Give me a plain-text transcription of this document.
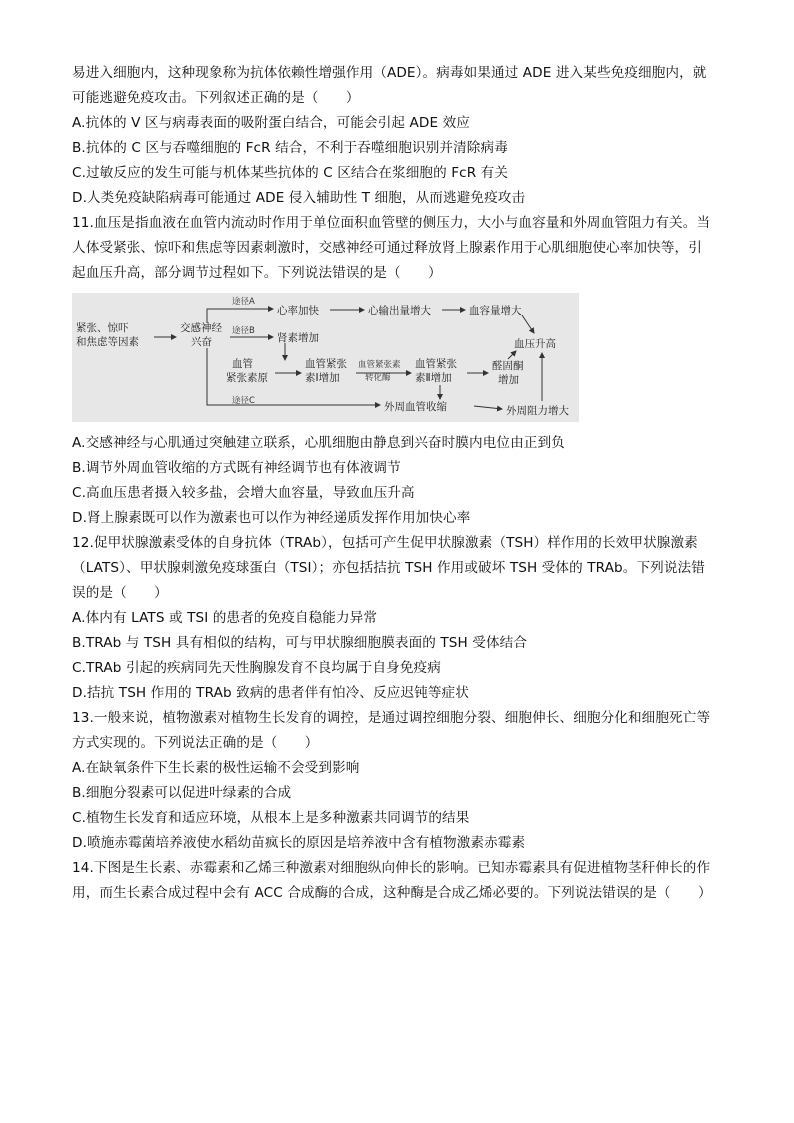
易进入细胞内，这种现象称为抗体依赖性增强作用（ADE）。病毒如果通过 ADE 进入某些免疫细胞内，就
可能逃避免疫攻击。下列叙述正确的是（　　）
A.抗体的 V 区与病毒表面的吸附蛋白结合，可能会引起 ADE 效应
B.抗体的 C 区与吞噬细胞的 FcR 结合，不利于吞噬细胞识别并清除病毒
C.过敏反应的发生可能与机体某些抗体的 C 区结合在浆细胞的 FcR 有关
D.人类免疫缺陷病毒可能通过 ADE 侵入辅助性 T 细胞，从而逃避免疫攻击
11.血压是指血液在血管内流动时作用于单位面积血管壁的侧压力，大小与血容量和外周血管阻力有关。当
人体受紧张、惊吓和焦虑等因素刺激时，交感神经可通过释放肾上腺素作用于心肌细胞使心率加快等，引
起血压升高，部分调节过程如下。下列说法错误的是（　　）
紧张、惊吓
和焦虑等因素
交感神经
兴奋
途径A
途径B
途径C
心率加快	心输出量增大	血容量增大
血压升高
肾素增加
血管
紧张素原
血管紧张
素Ⅰ增加
血管紧张素
转化酶
血管紧张
素Ⅱ增加
醛固酮
增加
外周血管收缩	外周阻力增大
A.交感神经与心肌通过突触建立联系，心肌细胞由静息到兴奋时膜内电位由正到负
B.调节外周血管收缩的方式既有神经调节也有体液调节
C.高血压患者摄入较多盐，会增大血容量，导致血压升高
D.肾上腺素既可以作为激素也可以作为神经递质发挥作用加快心率
12.促甲状腺激素受体的自身抗体（TRAb），包括可产生促甲状腺激素（TSH）样作用的长效甲状腺激素
（LATS）、甲状腺刺激免疫球蛋白（TSI）；亦包括拮抗 TSH 作用或破坏 TSH 受体的 TRAb。下列说法错
误的是（　　）
A.体内有 LATS 或 TSI 的患者的免疫自稳能力异常
B.TRAb 与 TSH 具有相似的结构，可与甲状腺细胞膜表面的 TSH 受体结合
C.TRAb 引起的疾病同先天性胸腺发育不良均属于自身免疫病
D.拮抗 TSH 作用的 TRAb 致病的患者伴有怕冷、反应迟钝等症状
13.一般来说，植物激素对植物生长发育的调控，是通过调控细胞分裂、细胞伸长、细胞分化和细胞死亡等
方式实现的。下列说法正确的是（　　）
A.在缺氧条件下生长素的极性运输不会受到影响
B.细胞分裂素可以促进叶绿素的合成
C.植物生长发育和适应环境，从根本上是多种激素共同调节的结果
D.喷施赤霉菌培养液使水稻幼苗疯长的原因是培养液中含有植物激素赤霉素
14.下图是生长素、赤霉素和乙烯三种激素对细胞纵向伸长的影响。已知赤霉素具有促进植物茎秆伸长的作
用，而生长素合成过程中会有 ACC 合成酶的合成，这种酶是合成乙烯必要的。下列说法错误的是（　　）
